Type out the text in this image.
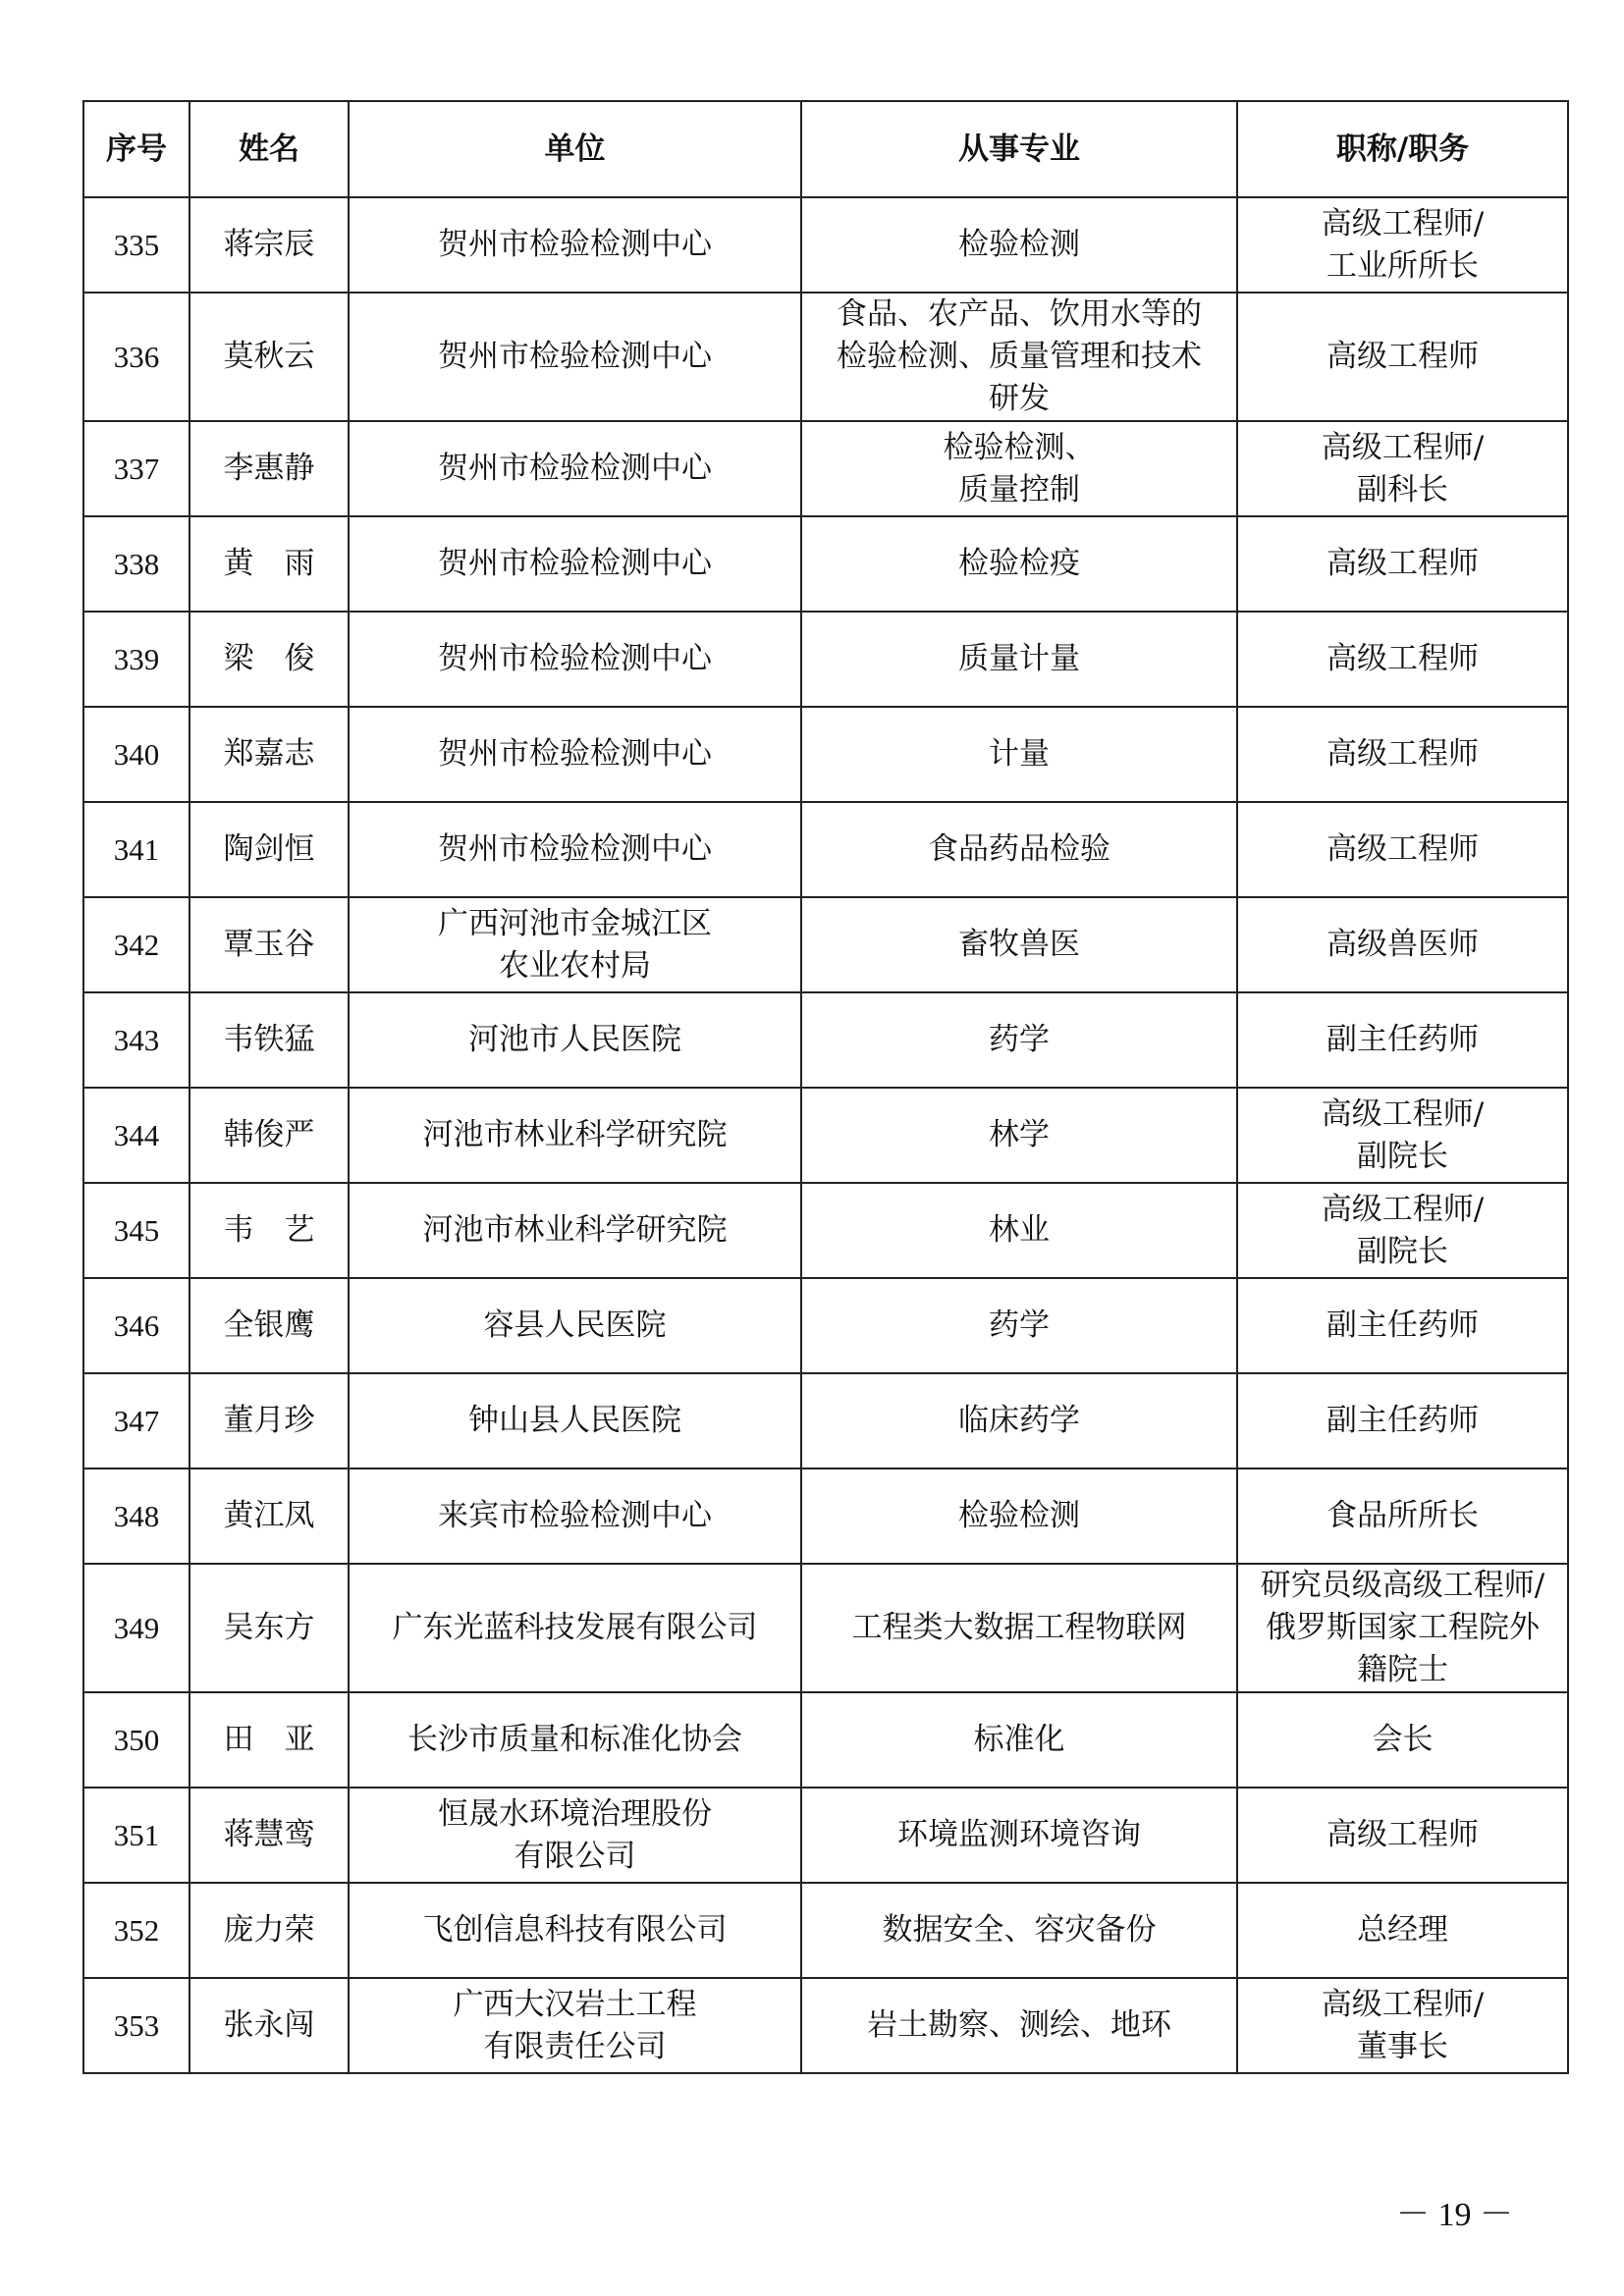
序号	姓名	单位	从事专业	职称/职务
335	蒋宗辰	贺州市检验检测中心	检验检测	高级工程师/
工业所所长

336	莫秋云	贺州市检验检测中心	食品、农产品、饮用水等的
检验检测、质量管理和技术
研发	高级工程师

337	李惠静	贺州市检验检测中心	检验检测、
质量控制	高级工程师/
副科长

338	黄　雨	贺州市检验检测中心	检验检疫	高级工程师

339	梁　俊	贺州市检验检测中心	质量计量	高级工程师

340	郑嘉志	贺州市检验检测中心	计量	高级工程师

341	陶剑恒	贺州市检验检测中心	食品药品检验	高级工程师

342	覃玉谷	广西河池市金城江区
农业农村局	畜牧兽医	高级兽医师

343	韦铁猛	河池市人民医院	药学	副主任药师

344	韩俊严	河池市林业科学研究院	林学	高级工程师/
副院长

345	韦　艺	河池市林业科学研究院	林业	高级工程师/
副院长

346	全银鹰	容县人民医院	药学	副主任药师

347	董月珍	钟山县人民医院	临床药学	副主任药师

348	黄江凤	来宾市检验检测中心	检验检测	食品所所长

349	吴东方	广东光蓝科技发展有限公司	工程类大数据工程物联网	研究员级高级工程师/
俄罗斯国家工程院外
籍院士

350	田　亚	长沙市质量和标准化协会	标准化	会长

351	蒋慧鸾	恒晟水环境治理股份
有限公司	环境监测环境咨询	高级工程师

352	庞力荣	飞创信息科技有限公司	数据安全、容灾备份	总经理

353	张永闯	广西大汉岩土工程
有限责任公司	岩土勘察、测绘、地环	高级工程师/
董事长
－ 19 －
